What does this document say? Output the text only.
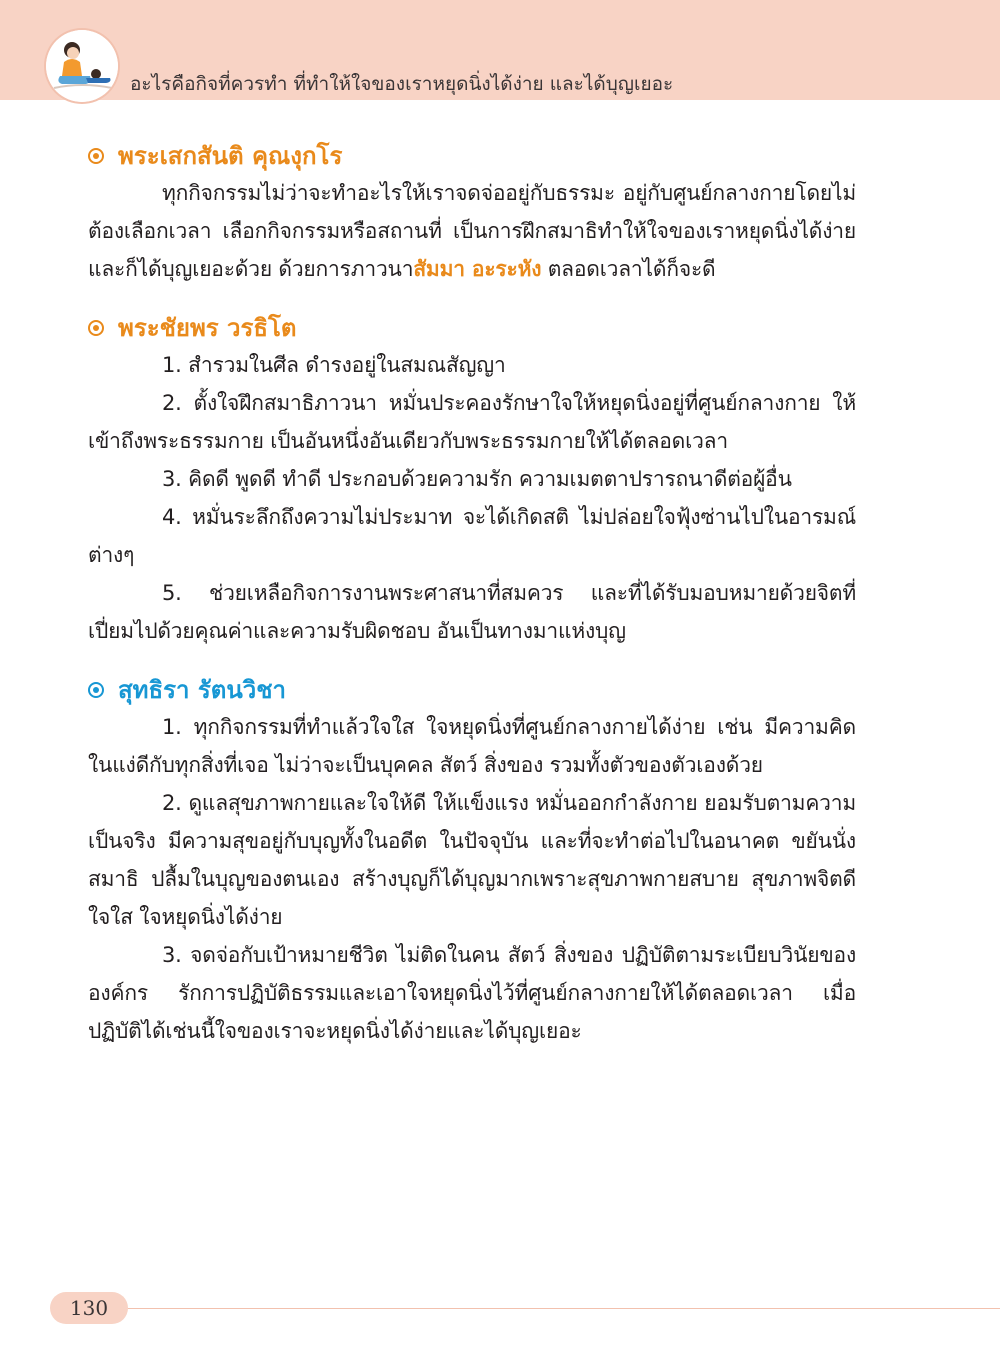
อะไรคือกิจที่ควรทำ ที่ทำให้ใจของเราหยุดนิ่งได้ง่าย และได้บุญเยอะ
พระเสกสันติ คุณงุกโร

ทุกกิจกรรมไม่ว่าจะทำอะไรให้เราจดจ่ออยู่กับธรรมะ อยู่กับศูนย์กลางกายโดยไม่ต้องเลือกเวลา เลือกกิจกรรมหรือสถานที่ เป็นการฝึกสมาธิทำให้ใจของเราหยุดนิ่งได้ง่ายและก็ได้บุญเยอะด้วย ด้วยการภาวนาสัมมา อะระหัง ตลอดเวลาได้ก็จะดี

พระชัยพร วรธิโต

1. สำรวมในศีล ดำรงอยู่ในสมณสัญญา

2. ตั้งใจฝึกสมาธิภาวนา หมั่นประคองรักษาใจให้หยุดนิ่งอยู่ที่ศูนย์กลางกาย ให้เข้าถึงพระธรรมกาย เป็นอันหนึ่งอันเดียวกับพระธรรมกายให้ได้ตลอดเวลา

3. คิดดี พูดดี ทำดี ประกอบด้วยความรัก ความเมตตาปรารถนาดีต่อผู้อื่น

4. หมั่นระลึกถึงความไม่ประมาท จะได้เกิดสติ ไม่ปล่อยใจฟุ้งซ่านไปในอารมณ์ต่างๆ

5. ช่วยเหลือกิจการงานพระศาสนาที่สมควร และที่ได้รับมอบหมายด้วยจิตที่เปี่ยมไปด้วยคุณค่าและความรับผิดชอบ อันเป็นทางมาแห่งบุญ

สุทธิรา รัตนวิชา

1. ทุกกิจกรรมที่ทำแล้วใจใส ใจหยุดนิ่งที่ศูนย์กลางกายได้ง่าย เช่น มีความคิดในแง่ดีกับทุกสิ่งที่เจอ ไม่ว่าจะเป็นบุคคล สัตว์ สิ่งของ รวมทั้งตัวของตัวเองด้วย

2. ดูแลสุขภาพกายและใจให้ดี ให้แข็งแรง หมั่นออกกำลังกาย ยอมรับตามความเป็นจริง มีความสุขอยู่กับบุญทั้งในอดีต ในปัจจุบัน และที่จะทำต่อไปในอนาคต ขยันนั่งสมาธิ ปลื้มในบุญของตนเอง สร้างบุญก็ได้บุญมากเพราะสุขภาพกายสบาย สุขภาพจิตดี ใจใส ใจหยุดนิ่งได้ง่าย

3. จดจ่อกับเป้าหมายชีวิต ไม่ติดในคน สัตว์ สิ่งของ ปฏิบัติตามระเบียบวินัยขององค์กร รักการปฏิบัติธรรมและเอาใจหยุดนิ่งไว้ที่ศูนย์กลางกายให้ได้ตลอดเวลา เมื่อปฏิบัติได้เช่นนี้ใจของเราจะหยุดนิ่งได้ง่ายและได้บุญเยอะ

130
